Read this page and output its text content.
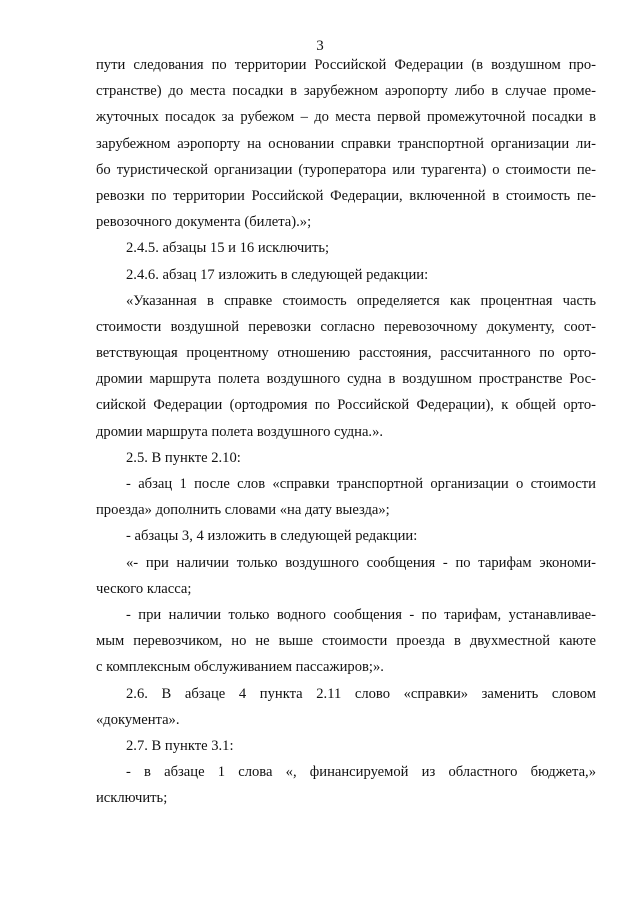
3
пути следования по территории Российской Федерации (в воздушном про-
странстве) до места посадки в зарубежном аэропорту либо в случае проме-
жуточных посадок за рубежом – до места первой промежуточной посадки в
зарубежном аэропорту на основании справки транспортной организации ли-
бо туристической организации (туроператора или турагента) о стоимости пе-
ревозки по территории Российской Федерации, включенной в стоимость пе-
ревозочного документа (билета).»;
2.4.5. абзацы 15 и 16 исключить;
2.4.6. абзац 17 изложить в следующей редакции:
«Указанная в справке стоимость определяется как процентная часть
стоимости воздушной перевозки согласно перевозочному документу, соот-
ветствующая процентному отношению расстояния, рассчитанного по орто-
дромии маршрута полета воздушного судна в воздушном пространстве Рос-
сийской Федерации (ортодромия по Российской Федерации), к общей орто-
дромии маршрута полета воздушного судна.».
2.5. В пункте 2.10:
- абзац 1 после слов «справки транспортной организации о стоимости
проезда» дополнить словами «на дату выезда»;
- абзацы 3, 4 изложить в следующей редакции:
«- при наличии только воздушного сообщения - по тарифам экономи-
ческого класса;
- при наличии только водного сообщения - по тарифам, устанавливае-
мым перевозчиком, но не выше стоимости проезда в двухместной каюте
с комплексным обслуживанием пассажиров;».
2.6. В абзаце 4 пункта 2.11 слово «справки» заменить словом
«документа».
2.7. В пункте 3.1:
- в абзаце 1 слова «, финансируемой из областного бюджета,»
исключить;
